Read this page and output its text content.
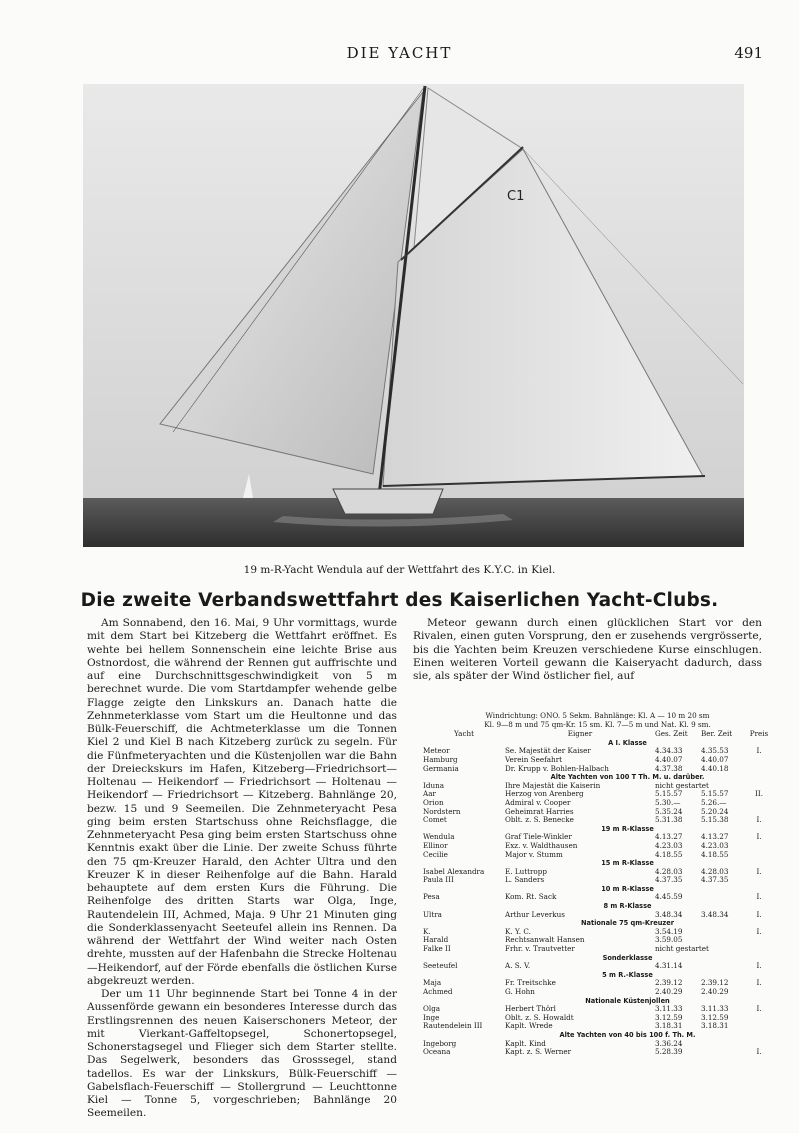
DIE YACHT	491
C1
19 m-R-Yacht Wendula auf der Wettfahrt des K.Y.C. in Kiel.
Die zweite Verbandswettfahrt des Kaiserlichen Yacht-Clubs.

Am Sonnabend, den 16. Mai, 9 Uhr vormittags, wurde mit dem Start bei Kitzeberg die Wettfahrt eröffnet. Es wehte bei hellem Sonnenschein eine leichte Brise aus Ostnordost, die während der Rennen gut auffrischte und auf eine Durchschnittsgeschwindigkeit von 5 m berechnet wurde. Die vom Startdampfer wehende gelbe Flagge zeigte den Linkskurs an. Danach hatte die Zehnmeterklasse vom Start um die Heultonne und das Bülk-Feuerschiff, die Achtmeterklasse um die Tonnen Kiel 2 und Kiel B nach Kitzeberg zurück zu segeln. Für die Fünfmeteryachten und die Küstenjollen war die Bahn der Dreieckskurs im Hafen, Kitzeberg—Friedrichsort—Holtenau — Heikendorf — Friedrichsort — Holtenau — Heikendorf — Friedrichsort — Kitzeberg. Bahnlänge 20, bezw. 15 und 9 Seemeilen. Die Zehnmeteryacht Pesa ging beim ersten Startschuss ohne Reichsflagge, die Zehnmeteryacht Pesa ging beim ersten Startschuss ohne Kenntnis exakt über die Linie. Der zweite Schuss führte den 75 qm-Kreuzer Harald, den Achter Ultra und den Kreuzer K in dieser Reihenfolge auf die Bahn. Harald behauptete auf dem ersten Kurs die Führung. Die Reihenfolge des dritten Starts war Olga, Inge, Rautendelein III, Achmed, Maja. 9 Uhr 21 Minuten ging die Sonderklassenyacht Seeteufel allein ins Rennen. Da während der Wettfahrt der Wind weiter nach Osten drehte, mussten auf der Hafenbahn die Strecke Holtenau—Heikendorf, auf der Förde ebenfalls die östlichen Kurse abgekreuzt werden.

Der um 11 Uhr beginnende Start bei Tonne 4 in der Aussenförde gewann ein besonderes Interesse durch das Erstlingsrennen des neuen Kaiserschoners Meteor, der mit Vierkant-Gaffeltopsegel, Schonertopsegel, Schonerstagsegel und Flieger sich dem Starter stellte. Das Segelwerk, besonders das Grosssegel, stand tadellos. Es war der Linkskurs, Bülk-Feuerschiff — Gabelsflach-Feuerschiff — Stollergrund — Leuchttonne Kiel — Tonne 5, vorgeschrieben; Bahnlänge 20 Seemeilen.

Meteor gewann durch einen glücklichen Start vor den Rivalen, einen guten Vorsprung, den er zusehends vergrösserte, bis die Yachten beim Kreuzen verschiedene Kurse einschlugen. Einen weiteren Vorteil gewann die Kaiseryacht dadurch, dass sie, als später der Wind östlicher fiel, auf

Windrichtung: ONO. 5 Sekm. Bahnlänge: Kl. A — 10 m 20 sm
Kl. 9—8 m und 75 qm-Kr. 15 sm. Kl. 7—5 m und Nat. Kl. 9 sm.
Yacht	Eigner	Ges. Zeit	Ber. Zeit	Preis
A I. Klasse
Meteor	Se. Majestät der Kaiser	4.34.33	4.35.53	I.
Hamburg	Verein Seefahrt	4.40.07	4.40.07
Germania	Dr. Krupp v. Bohlen-Halbach	4.37.38	4.40.18
Alte Yachten von 100 T Th. M. u. darüber.
Iduna	Ihre Majestät die Kaiserin	nicht gestartet
Aar	Herzog von Arenberg	5.15.57	5.15.57	II.
Orion	Admiral v. Cooper	5.30.—	5.26.—
Nordstern	Geheimrat Harries	5.35.24	5.20.24
Comet	Oblt. z. S. Benecke	5.31.38	5.15.38	I.
19 m R-Klasse
Wendula	Graf Tiele-Winkler	4.13.27	4.13.27	I.
Ellinor	Exz. v. Waldthausen	4.23.03	4.23.03
Cecilie	Major v. Stumm	4.18.55	4.18.55
15 m R-Klasse
Isabel Alexandra	E. Luttropp	4.28.03	4.28.03	I.
Paula III	L. Sanders	4.37.35	4.37.35
10 m R-Klasse
Pesa	Kom. Rt. Sack	4.45.59	I.
8 m R-Klasse
Ultra	Arthur Leverkus	3.48.34	3.48.34	I.
Nationale 75 qm-Kreuzer
K.	K. Y. C.	3.54.19	I.
Harald	Rechtsanwalt Hansen	3.59.05
Falke II	Frhr. v. Trautvetter	nicht gestartet
Sonderklasse
Seeteufel	A. S. V.	4.31.14	I.
5 m R.-Klasse
Maja	Fr. Treitschke	2.39.12	2.39.12	I.
Achmed	G. Hohn	2.40.29	2.40.29
Nationale Küstenjollen
Olga	Herbert Thörl	3.11.33	3.11.33	I.
Inge	Oblt. z. S. Howaldt	3.12.59	3.12.59
Rautendelein III	Kaplt. Wrede	3.18.31	3.18.31
Alte Yachten von 40 bis 100 f. Th. M.
Ingeborg	Kaplt. Kind	3.36.24
Oceana	Kapt. z. S. Werner	5.28.39	I.
